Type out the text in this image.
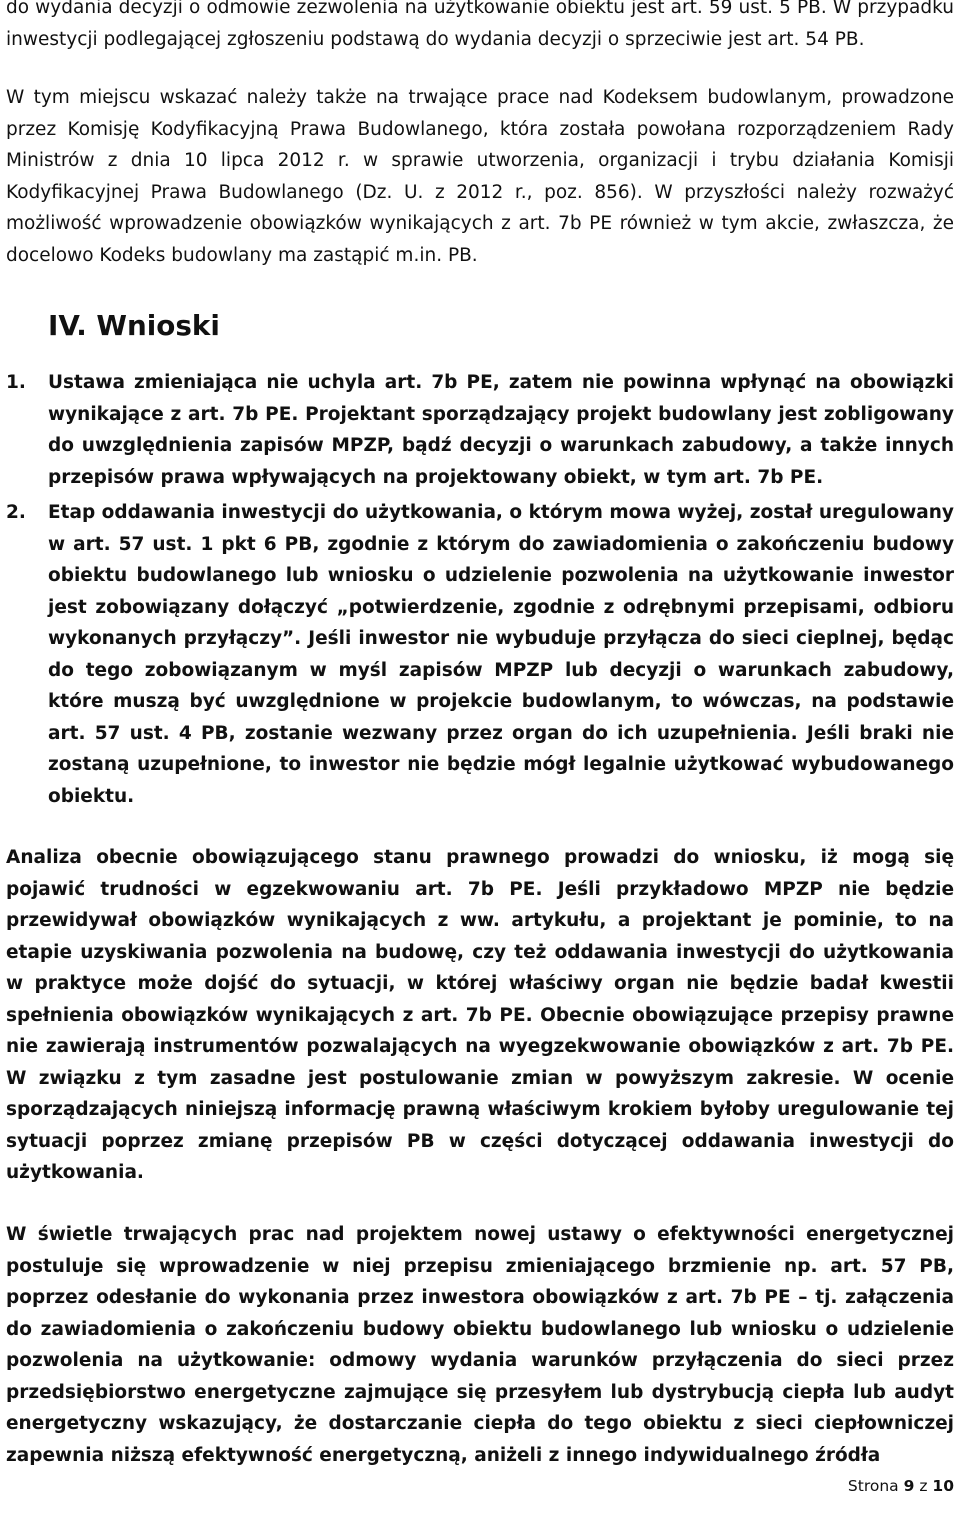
do wydania decyzji o odmowie zezwolenia na użytkowanie obiektu jest art. 59 ust. 5 PB. W przypadku inwestycji podlegającej zgłoszeniu podstawą do wydania decyzji o sprzeciwie jest art. 54 PB.

W tym miejscu wskazać należy także na trwające prace nad Kodeksem budowlanym, prowadzone przez Komisję Kodyfikacyjną Prawa Budowlanego, która została powołana rozporządzeniem Rady Ministrów z dnia 10 lipca 2012 r. w sprawie utworzenia, organizacji i trybu działania Komisji Kodyfikacyjnej Prawa Budowlanego (Dz. U. z 2012 r., poz. 856). W przyszłości należy rozważyć możliwość wprowadzenie obowiązków wynikających z art. 7b PE również w tym akcie, zwłaszcza, że docelowo Kodeks budowlany ma zastąpić m.in. PB.

IV. Wnioski
1. Ustawa zmieniająca nie uchyla art. 7b PE, zatem nie powinna wpłynąć na obowiązki wynikające z art. 7b PE. Projektant sporządzający projekt budowlany jest zobligowany do uwzględnienia zapisów MPZP, bądź decyzji o warunkach zabudowy, a także innych przepisów prawa wpływających na projektowany obiekt, w tym art. 7b PE.
2. Etap oddawania inwestycji do użytkowania, o którym mowa wyżej, został uregulowany w art. 57 ust. 1 pkt 6 PB, zgodnie z którym do zawiadomienia o zakończeniu budowy obiektu budowlanego lub wniosku o udzielenie pozwolenia na użytkowanie inwestor jest zobowiązany dołączyć „potwierdzenie, zgodnie z odrębnymi przepisami, odbioru wykonanych przyłączy”. Jeśli inwestor nie wybuduje przyłącza do sieci cieplnej, będąc do tego zobowiązanym w myśl zapisów MPZP lub decyzji o warunkach zabudowy, które muszą być uwzględnione w projekcie budowlanym, to wówczas, na podstawie art. 57 ust. 4 PB, zostanie wezwany przez organ do ich uzupełnienia. Jeśli braki nie zostaną uzupełnione, to inwestor nie będzie mógł legalnie użytkować wybudowanego obiektu.

Analiza obecnie obowiązującego stanu prawnego prowadzi do wniosku, iż mogą się pojawić trudności w egzekwowaniu art. 7b PE. Jeśli przykładowo MPZP nie będzie przewidywał obowiązków wynikających z ww. artykułu, a projektant je pominie, to na etapie uzyskiwania pozwolenia na budowę, czy też oddawania inwestycji do użytkowania w praktyce może dojść do sytuacji, w której właściwy organ nie będzie badał kwestii spełnienia obowiązków wynikających z art. 7b PE. Obecnie obowiązujące przepisy prawne nie zawierają instrumentów pozwalających na wyegzekwowanie obowiązków z art. 7b PE. W związku z tym zasadne jest postulowanie zmian w powyższym zakresie. W ocenie sporządzających niniejszą informację prawną właściwym krokiem byłoby uregulowanie tej sytuacji poprzez zmianę przepisów PB w części dotyczącej oddawania inwestycji do użytkowania.

W świetle trwających prac nad projektem nowej ustawy o efektywności energetycznej postuluje się wprowadzenie w niej przepisu zmieniającego brzmienie np. art. 57 PB, poprzez odesłanie do wykonania przez inwestora obowiązków z art. 7b PE – tj. załączenia do zawiadomienia o zakończeniu budowy obiektu budowlanego lub wniosku o udzielenie pozwolenia na użytkowanie: odmowy wydania warunków przyłączenia do sieci przez przedsiębiorstwo energetyczne zajmujące się przesyłem lub dystrybucją ciepła lub audyt energetyczny wskazujący, że dostarczanie ciepła do tego obiektu z sieci ciepłowniczej zapewnia niższą efektywność energetyczną, aniżeli z innego indywidualnego źródła

Strona 9 z 10
